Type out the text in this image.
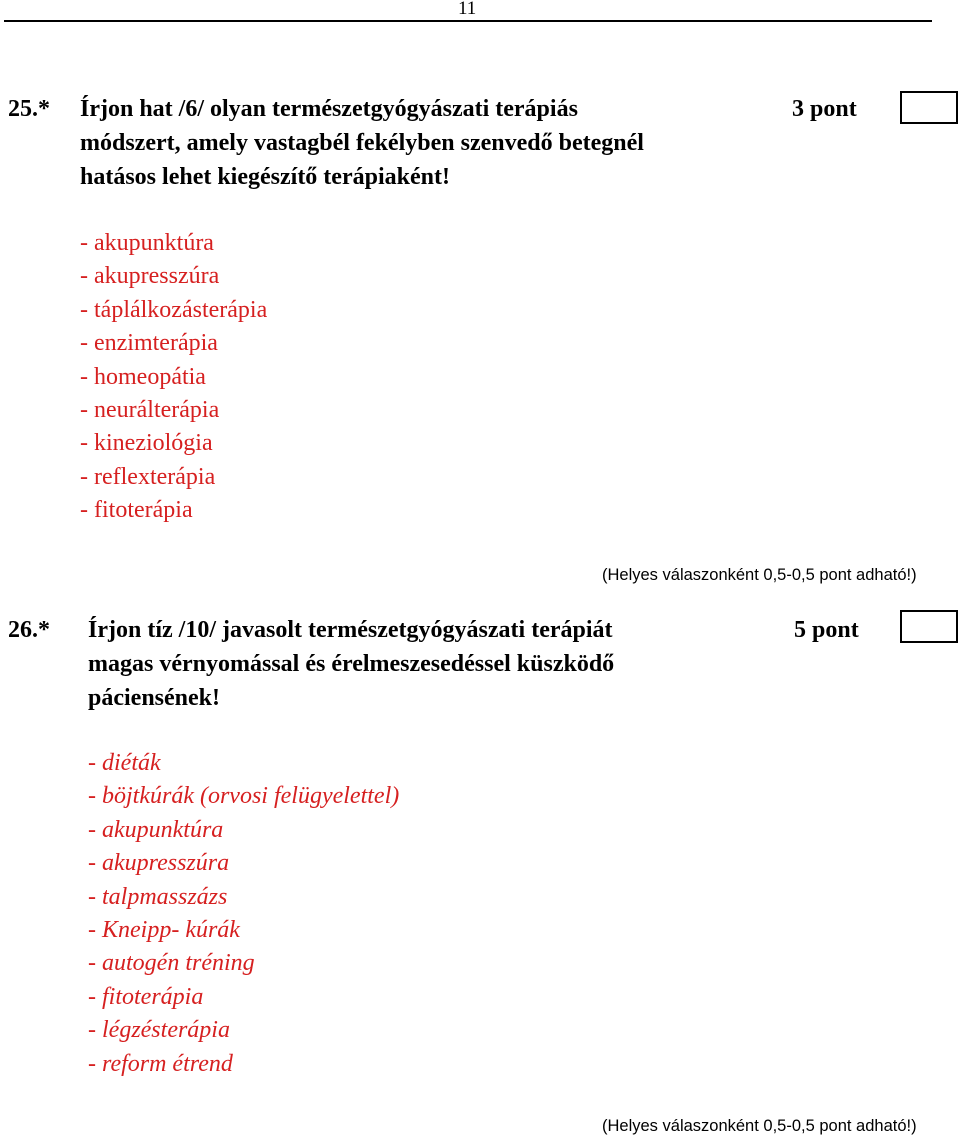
11
25.* Írjon hat /6/ olyan természetgyógyászati terápiás
módszert, amely vastagbél fekélyben szenvedő betegnél
hatásos lehet kiegészítő terápiaként!
3 pont
- akupunktúra
- akupresszúra
- táplálkozásterápia
- enzimterápia
- homeopátia
- neurálterápia
- kineziológia
- reflexterápia
- fitoterápia
(Helyes válaszonként 0,5-0,5 pont adható!)
26.* Írjon tíz /10/ javasolt természetgyógyászati terápiát
magas vérnyomással és érelmeszesedéssel küszködő
páciensének!
5 pont
- diéták
- böjtkúrák (orvosi felügyelettel)
- akupunktúra
- akupresszúra
- talpmasszázs
- Kneipp- kúrák
- autogén tréning
- fitoterápia
- légzésterápia
- reform étrend
(Helyes válaszonként 0,5-0,5 pont adható!)
